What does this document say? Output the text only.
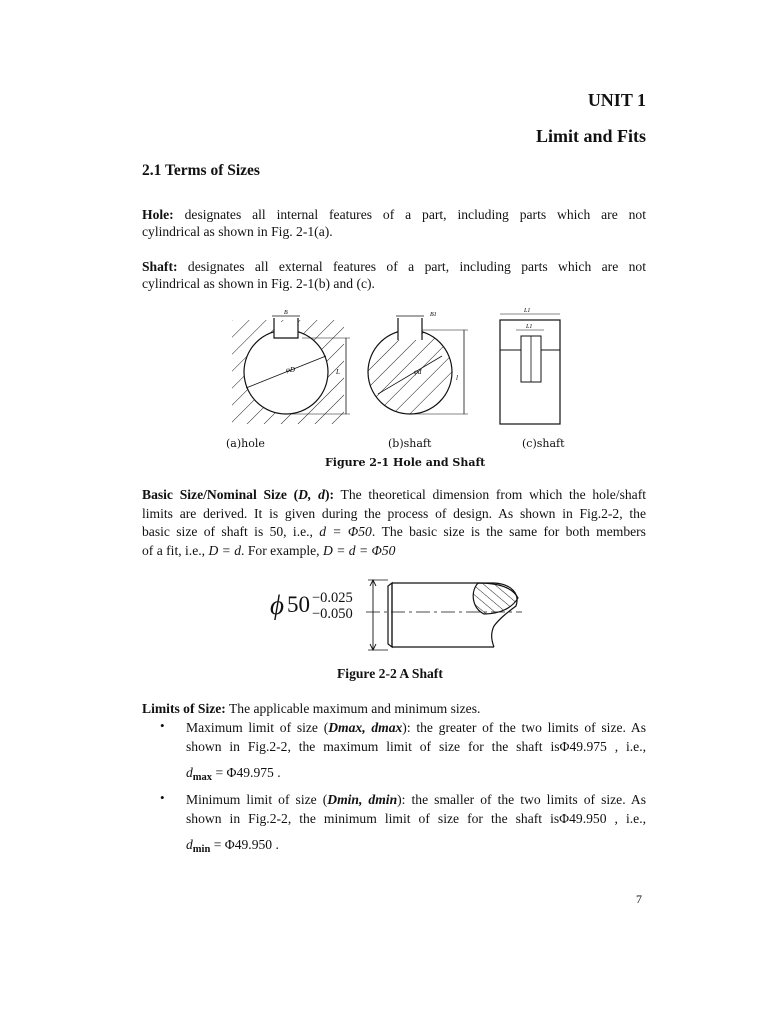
UNIT 1
Limit and Fits
2.1 Terms of Sizes
Hole: designates all internal features of a part, including parts which are not
cylindrical as shown in Fig. 2-1(a).
Shaft: designates all external features of a part, including parts which are not
cylindrical as shown in Fig. 2-1(b) and (c).
B
φD	L
B1
φd
l
L1
L1
(a)hole	(b)shaft	(c)shaft
Figure 2-1 Hole and Shaft
Basic Size/Nominal Size (D, d): The theoretical dimension from which the hole/shaft
limits are derived. It is given during the process of design. As shown in Fig.2-2, the
basic size of shaft is 50, i.e., d = Φ50. The basic size is the same for both members
of a fit, i.e., D = d. For example, D = d = Φ50
ϕ 50 −0.025
−0.050
Figure 2-2 A Shaft
Limits of Size: The applicable maximum and minimum sizes.
• Maximum limit of size (Dmax, dmax): the greater of the two limits of size. As
shown in Fig.2-2, the maximum limit of size for the shaft isΦ49.975 , i.e.,
$d_{max} = \Phi 49.975$ .
• Minimum limit of size (Dmin, dmin): the smaller of the two limits of size. As
shown in Fig.2-2, the minimum limit of size for the shaft isΦ49.950 , i.e.,
$d_{min} = \Phi 49.950$ .
7
